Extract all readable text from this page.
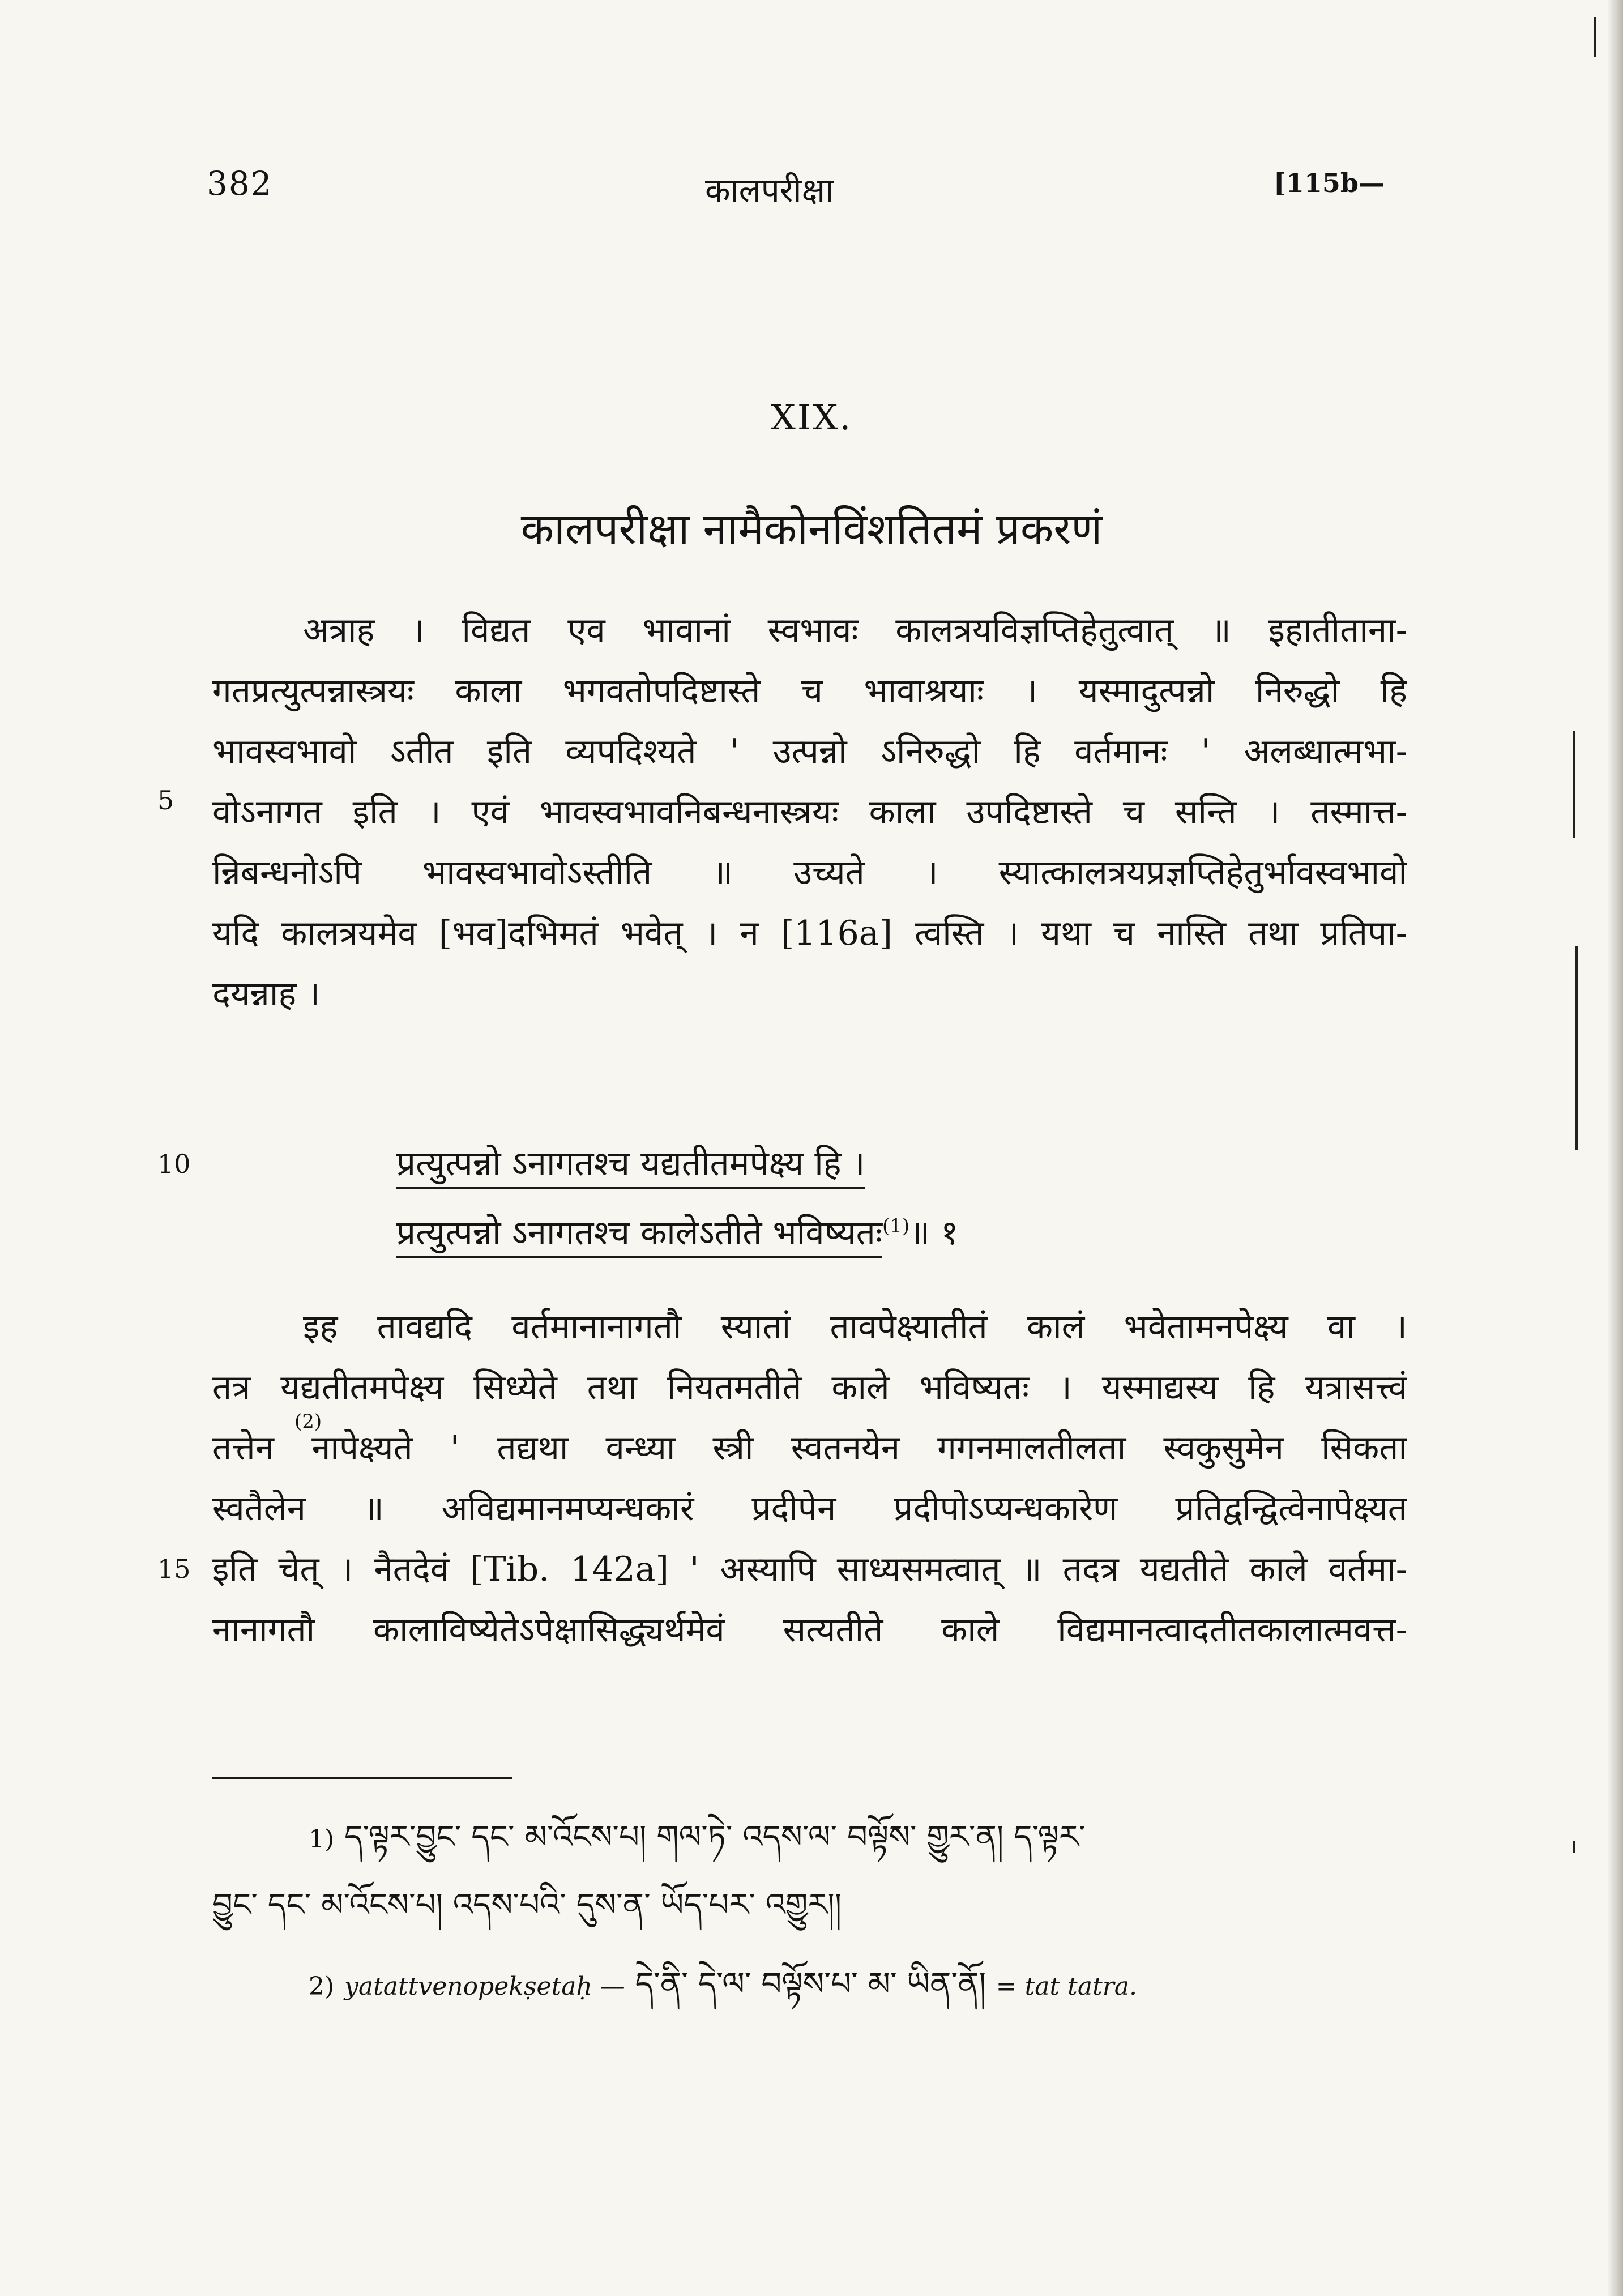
382	कालपरीक्षा	[115b—
XIX.
कालपरीक्षा नामैकोनविंशतितमं प्रकरणं
5
अत्राह । विद्यत एव भावानां स्वभावः कालत्रयविज्ञप्तिहेतुत्वात् ॥ इहातीताना-
गतप्रत्युत्पन्नास्त्रयः काला भगवतोपदिष्टास्ते च भावाश्रयाः । यस्मादुत्पन्नो निरुद्धो हि
भावस्वभावो ऽतीत इति व्यपदिश्यते ' उत्पन्नो ऽनिरुद्धो हि वर्तमानः ' अलब्धात्मभा-
वोऽनागत इति । एवं भावस्वभावनिबन्धनास्त्रयः काला उपदिष्टास्ते च सन्ति । तस्मात्त-
न्निबन्धनोऽपि भावस्वभावोऽस्तीति ॥ उच्यते । स्यात्कालत्रयप्रज्ञप्तिहेतुर्भावस्वभावो
यदि कालत्रयमेव [भव]दभिमतं भवेत् । न [116a] त्वस्ति । यथा च नास्ति तथा प्रतिपा-
दयन्नाह ।
10	प्रत्युत्पन्नो ऽनागतश्च यद्यतीतमपेक्ष्य हि ।
प्रत्युत्पन्नो ऽनागतश्च कालेऽतीते भविष्यतः$^{(1)}$॥ १
15
इह तावद्यदि वर्तमानानागतौ स्यातां तावपेक्ष्यातीतं कालं भवेतामनपेक्ष्य वा ।
तत्र यद्यतीतमपेक्ष्य सिध्येते तथा नियतमतीते काले भविष्यतः । यस्माद्यस्य हि यत्रासत्त्वं
तत्तेन नापेक्ष्यते ' तद्यथा वन्ध्या स्त्री स्वतनयेन गगनमालतीलता स्वकुसुमेन सिकता
स्वतैलेन ॥ अविद्यमानमप्यन्धकारं प्रदीपेन प्रदीपोऽप्यन्धकारेण प्रतिद्वन्द्वित्वेनापेक्ष्यत
इति चेत् । नैतदेवं [Tib. 142a] ' अस्यापि साध्यसमत्वात् ॥ तदत्र यद्यतीते काले वर्तमा-
नानागतौ कालाविष्येतेऽपेक्षासिद्ध्यर्थमेवं सत्यतीते काले विद्यमानत्वादतीतकालात्मवत्त-
(2)
1) ད་ལྟར་བྱུང་ དང་ མ་འོངས་པ། གལ་ཏེ་ འདས་ལ་ བལྟོས་ གྱུར་ན། ད་ལྟར་
བྱུང་ དང་ མ་འོངས་པ། འདས་པའི་ དུས་ན་ ཡོད་པར་ འགྱུར།།
2) yatattvenopekṣetaḥ — དེ་ནི་ དེ་ལ་ བལྟོས་པ་ མ་ ཡིན་ནོ། = tat tatra.
